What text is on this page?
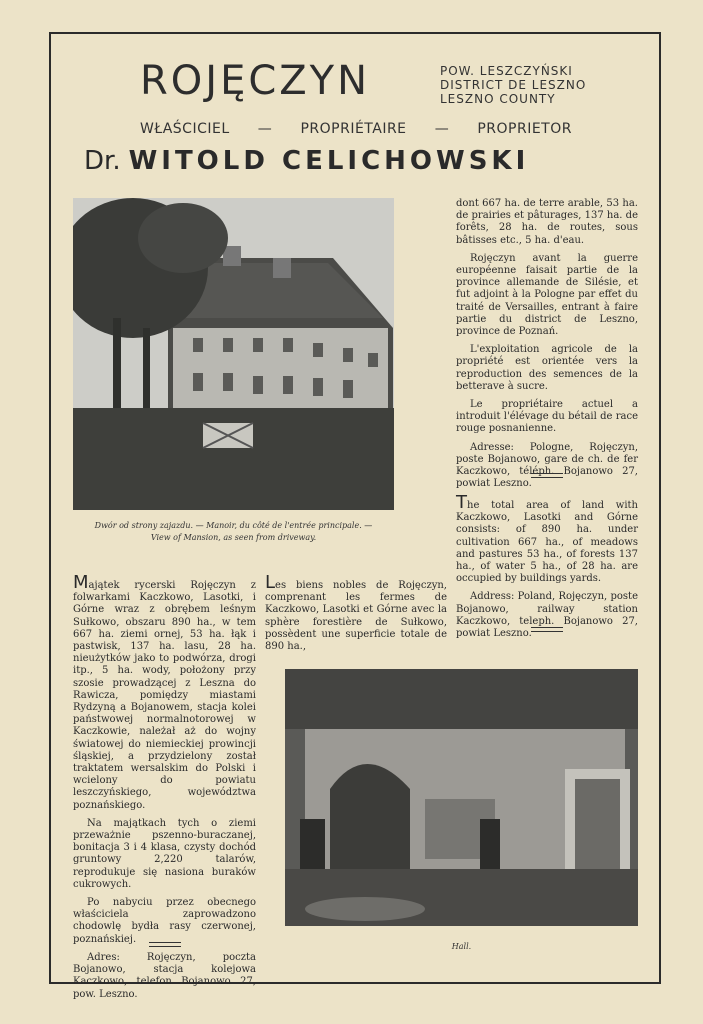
ROJĘCZYN	POW. LESZCZYŃSKI
DISTRICT DE LESZNO
LESZNO COUNTY
WŁAŚCICIEL — PROPRIÉTAIRE — PROPRIETOR
Dr. WITOLD CELICHOWSKI
Dwór od strony zajazdu. — Manoir, du côté de l'entrée principale. —
View of Mansion, as seen from driveway.

dont 667 ha. de terre arable, 53 ha. de prairies et pâturages, 137 ha. de forêts, 28 ha. de routes, sous bâtisses etc., 5 ha. d'eau.

Rojęczyn avant la guerre européenne faisait partie de la province allemande de Silésie, et fut adjoint à la Pologne par effet du traité de Versailles, entrant à faire partie du district de Leszno, province de Poznań.

L'exploitation agricole de la propriété est orientée vers la reproduction des semences de la betterave à sucre.

Le propriétaire actuel a introduit l'élévage du bétail de race rouge posnanienne.

Adresse: Pologne, Rojęczyn, poste Bojanowo, gare de ch. de fer Kaczkowo, téléph. Bojanowo 27, powiat Leszno.

The total area of land with Kaczkowo, Lasotki and Górne consists: of 890 ha. under cultivation 667 ha., of meadows and pastures 53 ha., of forests 137 ha., of water 5 ha., of 28 ha. are occupied by buildings yards.

Address: Poland, Rojęczyn, poste Bojanowo, railway station Kaczkowo, teleph. Bojanowo 27, powiat Leszno.

Majątek rycerski Rojęczyn z folwarkami Kaczkowo, Lasotki, i Górne wraz z obrębem leśnym Sułkowo, obszaru 890 ha., w tem 667 ha. ziemi ornej, 53 ha. łąk i pastwisk, 137 ha. lasu, 28 ha. nieużytków jako to podwórza, drogi itp., 5 ha. wody, położony przy szosie prowadzącej z Leszna do Rawicza, pomiędzy miastami Rydzyną a Bojanowem, stacja kolei państwowej normalnotorowej w Kaczkowie, należał aż do wojny światowej do niemieckiej prowincji śląskiej, a przydzielony został traktatem wersalskim do Polski i wcielony do powiatu leszczyńskiego, województwa poznańskiego.

Na majątkach tych o ziemi przeważnie pszenno-buraczanej, bonitacja 3 i 4 klasa, czysty dochód gruntowy 2,220 talarów, reprodukuje się nasiona buraków cukrowych.

Po nabyciu przez obecnego właściciela zaprowadzono chodowlę bydła rasy czerwonej, poznańskiej.

Adres: Rojęczyn, poczta Bojanowo, stacja kolejowa Kaczkowo, telefon Bojanowo 27, pow. Leszno.

Les biens nobles de Rojęczyn, comprenant les fermes de Kaczkowo, Lasotki et Górne avec la sphère forestière de Sułkowo, possèdent une superficie totale de 890 ha.,

Hall.
